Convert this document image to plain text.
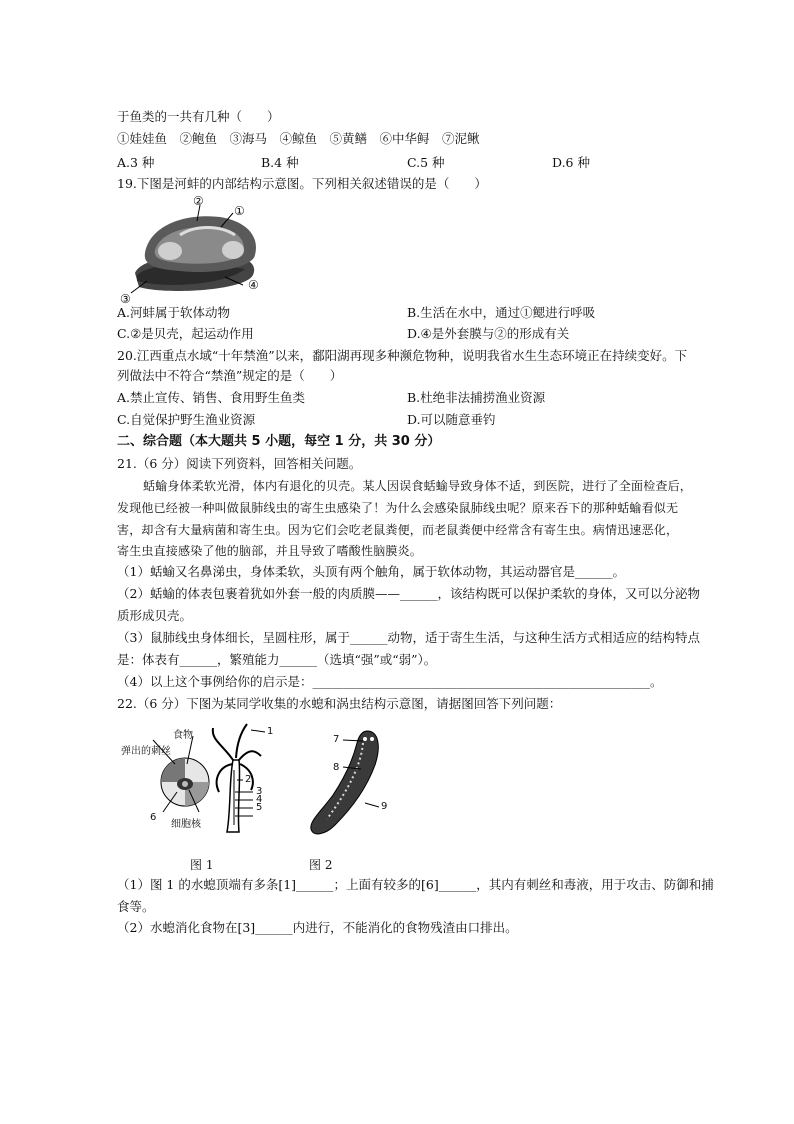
于鱼类的一共有几种（　　）
①娃娃鱼　②鲍鱼　③海马　④鲸鱼　⑤黄鳝　⑥中华鲟　⑦泥鳅
A.3 种	B.4 种	C.5 种	D.6 种
19.下图是河蚌的内部结构示意图。下列相关叙述错误的是（　　）
②
①
③
④
A.河蚌属于软体动物	B.生活在水中，通过①鳃进行呼吸
C.②是贝壳，起运动作用	D.④是外套膜与②的形成有关
20.江西重点水域“十年禁渔”以来，鄱阳湖再现多种濒危物种，说明我省水生生态环境正在持续变好。下
列做法中不符合“禁渔”规定的是（　　）
A.禁止宣传、销售、食用野生鱼类	B.杜绝非法捕捞渔业资源
C.自觉保护野生渔业资源	D.可以随意垂钓
二、综合题（本大题共 5 小题，每空 1 分，共 30 分）
21.（6 分）阅读下列资料，回答相关问题。
蛞蝓身体柔软光滑，体内有退化的贝壳。某人因误食蛞蝓导致身体不适，到医院，进行了全面检查后，
发现他已经被一种叫做鼠肺线虫的寄生虫感染了！为什么会感染鼠肺线虫呢？原来吞下的那种蛞蝓看似无
害，却含有大量病菌和寄生虫。因为它们会吃老鼠粪便，而老鼠粪便中经常含有寄生虫。病情迅速恶化，
寄生虫直接感染了他的脑部，并且导致了嗜酸性脑膜炎。
（1）蛞蝓又名鼻涕虫，身体柔软，头顶有两个触角，属于软体动物，其运动器官是______。
（2）蛞蝓的体表包裹着犹如外套一般的肉质膜——______，该结构既可以保护柔软的身体，又可以分泌物
质形成贝壳。
（3）鼠肺线虫身体细长，呈圆柱形，属于______动物，适于寄生生活，与这种生活方式相适应的结构特点
是：体表有______，繁殖能力______（选填“强”或“弱”）。
（4）以上这个事例给你的启示是：______________________________________________________。
22.（6 分）下图为某同学收集的水螅和涡虫结构示意图，请据图回答下列问题：
食物
弹出的刺丝
细胞核
6
1
2
3
4
5
7
8
9
图 1	图 2
（1）图 1 的水螅顶端有多条[1]______；上面有较多的[6]______，其内有刺丝和毒液，用于攻击、防御和捕
食等。
（2）水螅消化食物在[3]______内进行，不能消化的食物残渣由口排出。
